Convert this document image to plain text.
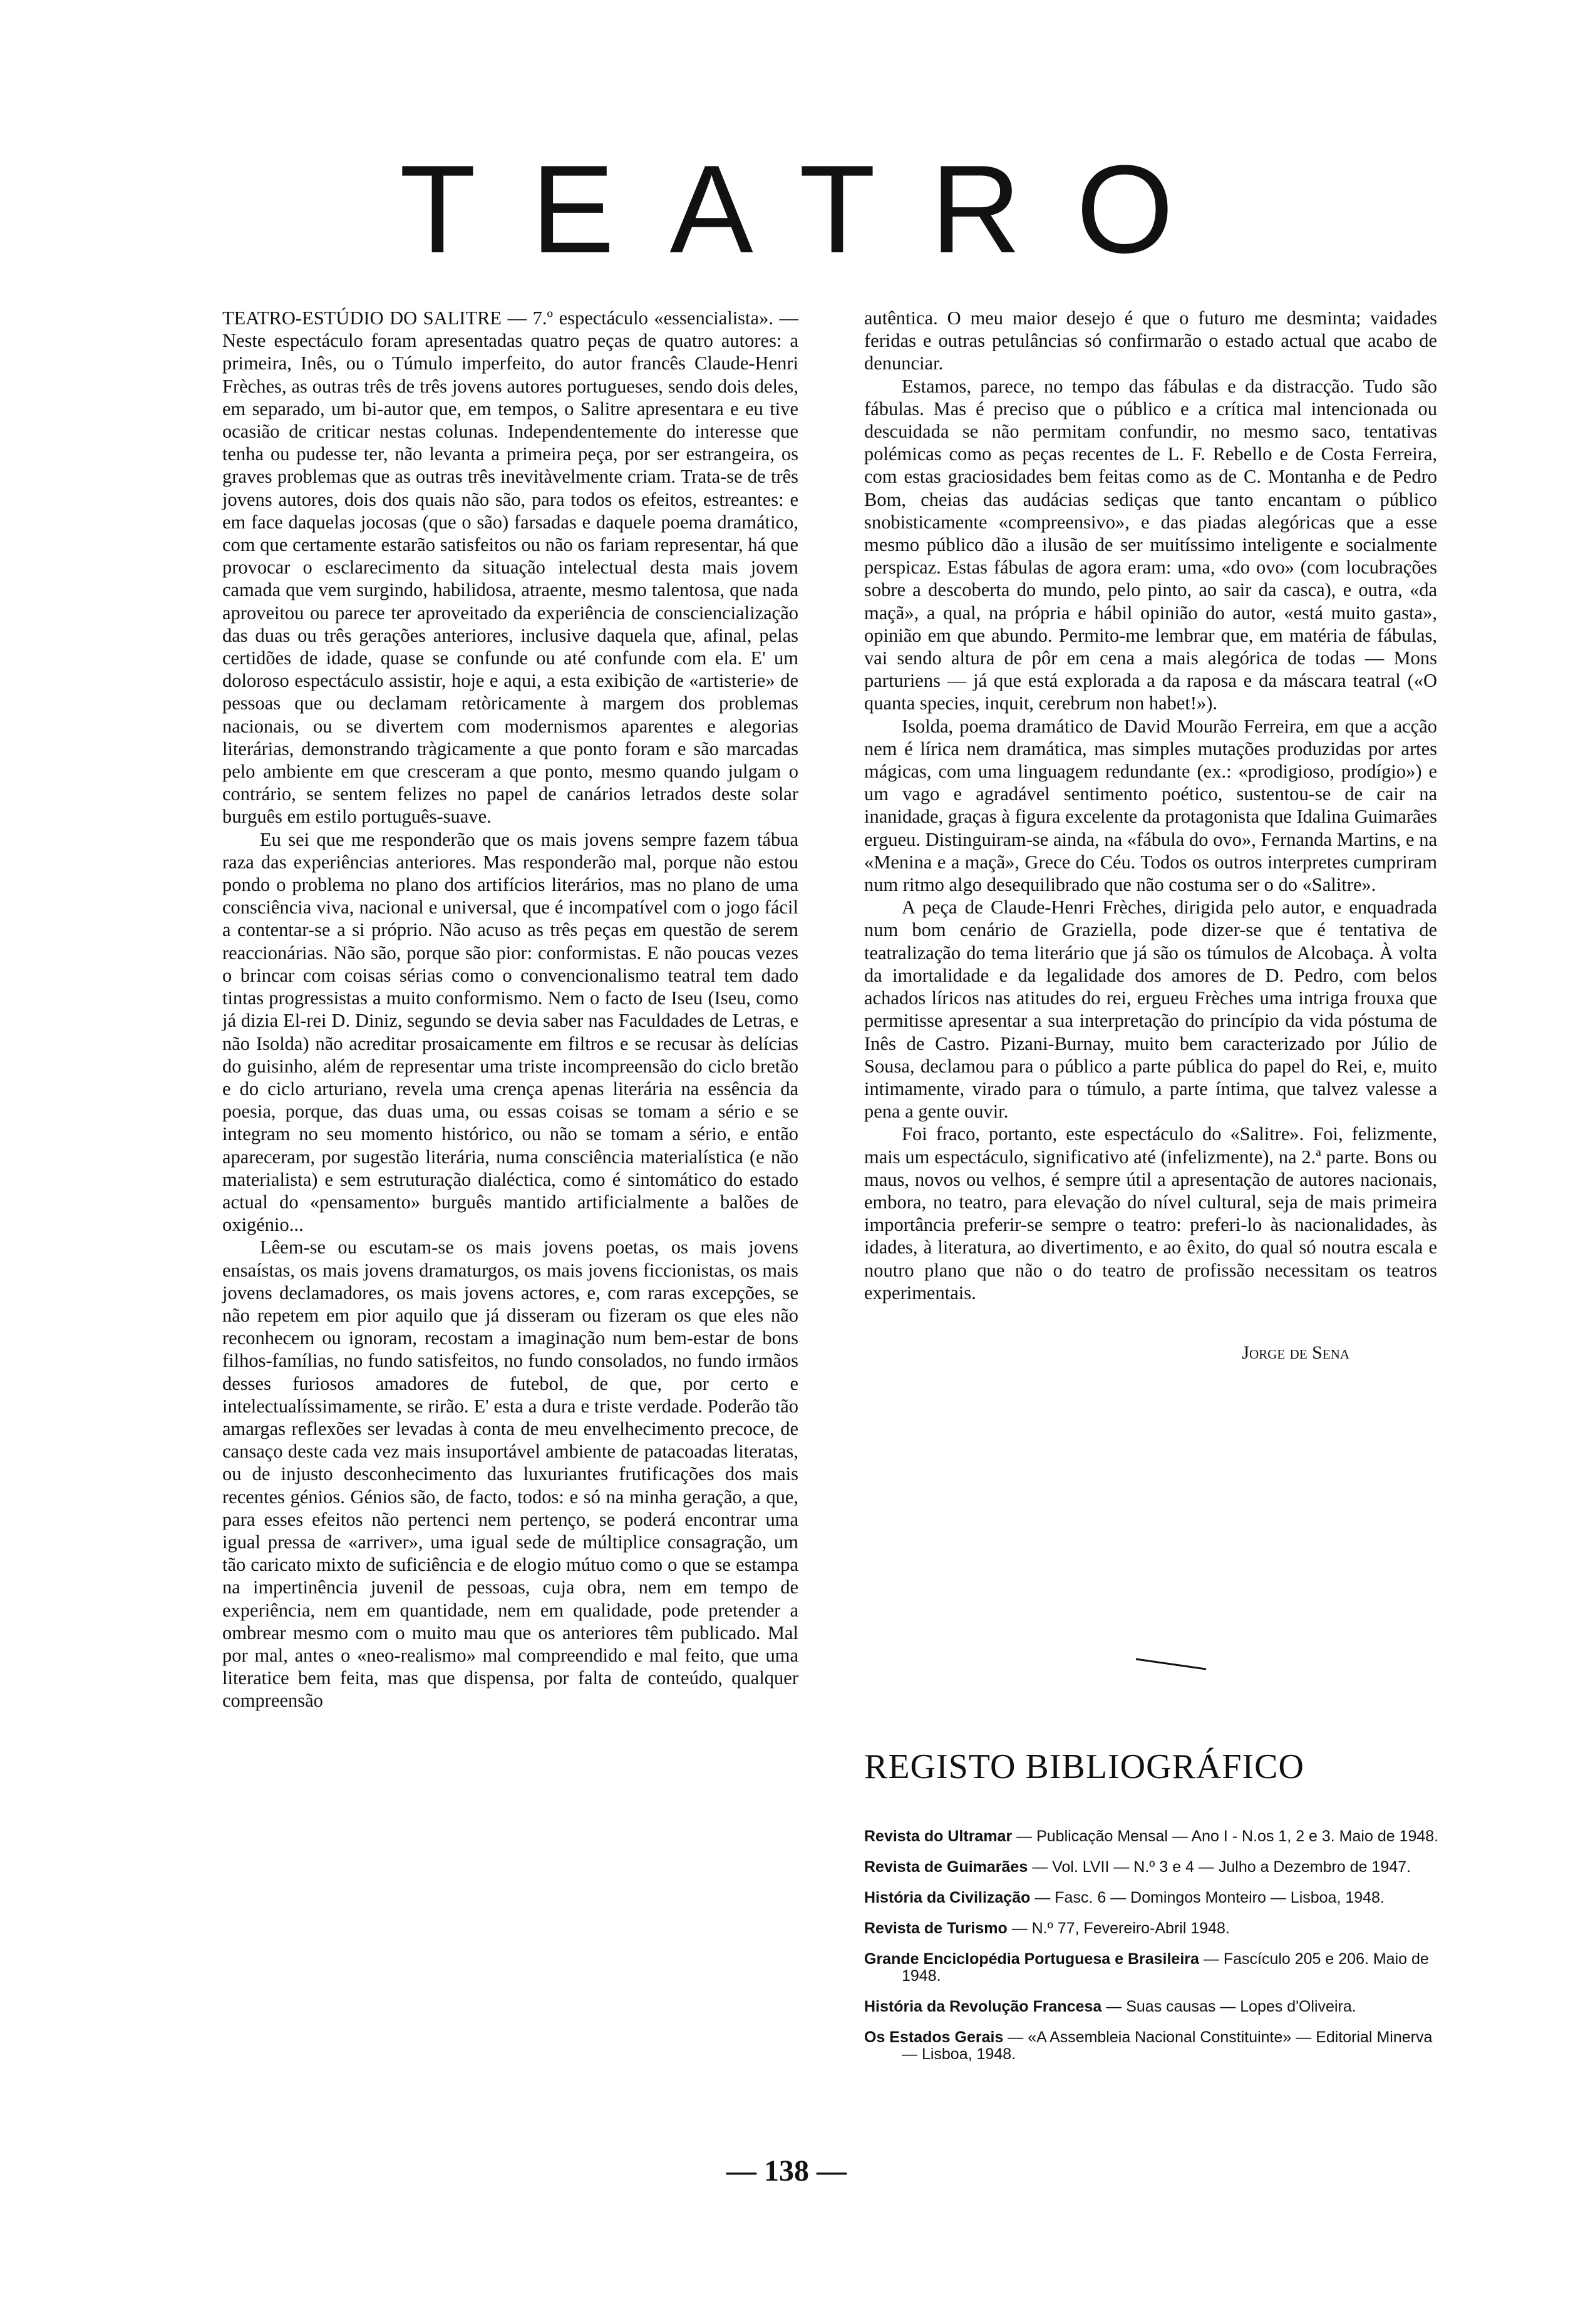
TEATRO

TEATRO-ESTÚDIO DO SALITRE — 7.º espectáculo «essencialista». — Neste espectáculo foram apresentadas quatro peças de quatro autores: a primeira, Inês, ou o Túmulo imperfeito, do autor francês Claude-Henri Frèches, as outras três de três jovens autores portugueses, sendo dois deles, em separado, um bi-autor que, em tempos, o Salitre apresentara e eu tive ocasião de criticar nestas colunas. Independentemente do interesse que tenha ou pudesse ter, não levanta a primeira peça, por ser estrangeira, os graves problemas que as outras três inevitàvelmente criam. Trata-se de três jovens autores, dois dos quais não são, para todos os efeitos, estreantes: e em face daquelas jocosas (que o são) farsadas e daquele poema dramático, com que certamente estarão satisfeitos ou não os fariam representar, há que provocar o esclarecimento da situação intelectual desta mais jovem camada que vem surgindo, habilidosa, atraente, mesmo talentosa, que nada aproveitou ou parece ter aproveitado da experiência de consciencialização das duas ou três gerações anteriores, inclusive daquela que, afinal, pelas certidões de idade, quase se confunde ou até confunde com ela. E' um doloroso espectáculo assistir, hoje e aqui, a esta exibição de «artisterie» de pessoas que ou declamam retòricamente à margem dos problemas nacionais, ou se divertem com modernismos aparentes e alegorias literárias, demonstrando tràgicamente a que ponto foram e são marcadas pelo ambiente em que cresceram a que ponto, mesmo quando julgam o contrário, se sentem felizes no papel de canários letrados deste solar burguês em estilo português-suave.

Eu sei que me responderão que os mais jovens sempre fazem tábua raza das experiências anteriores. Mas responderão mal, porque não estou pondo o problema no plano dos artifícios literários, mas no plano de uma consciência viva, nacional e universal, que é incompatível com o jogo fácil a contentar-se a si próprio. Não acuso as três peças em questão de serem reaccionárias. Não são, porque são pior: conformistas. E não poucas vezes o brincar com coisas sérias como o convencionalismo teatral tem dado tintas progressistas a muito conformismo. Nem o facto de Iseu (Iseu, como já dizia El-rei D. Diniz, segundo se devia saber nas Faculdades de Letras, e não Isolda) não acreditar prosaicamente em filtros e se recusar às delícias do guisinho, além de representar uma triste incompreensão do ciclo bretão e do ciclo arturiano, revela uma crença apenas literária na essência da poesia, porque, das duas uma, ou essas coisas se tomam a sério e se integram no seu momento histórico, ou não se tomam a sério, e então apareceram, por sugestão literária, numa consciência materialística (e não materialista) e sem estruturação dialéctica, como é sintomático do estado actual do «pensamento» burguês mantido artificialmente a balões de oxigénio...

Lêem-se ou escutam-se os mais jovens poetas, os mais jovens ensaístas, os mais jovens dramaturgos, os mais jovens ficcionistas, os mais jovens declamadores, os mais jovens actores, e, com raras excepções, se não repetem em pior aquilo que já disseram ou fizeram os que eles não reconhecem ou ignoram, recostam a imaginação num bem-estar de bons filhos-famílias, no fundo satisfeitos, no fundo consolados, no fundo irmãos desses furiosos amadores de futebol, de que, por certo e intelectualíssimamente, se rirão. E' esta a dura e triste verdade. Poderão tão amargas reflexões ser levadas à conta de meu envelhecimento precoce, de cansaço deste cada vez mais insuportável ambiente de patacoadas literatas, ou de injusto desconhecimento das luxuriantes frutificações dos mais recentes génios. Génios são, de facto, todos: e só na minha geração, a que, para esses efeitos não pertenci nem pertenço, se poderá encontrar uma igual pressa de «arriver», uma igual sede de múltiplice consagração, um tão caricato mixto de suficiência e de elogio mútuo como o que se estampa na impertinência juvenil de pessoas, cuja obra, nem em tempo de experiência, nem em quantidade, nem em qualidade, pode pretender a ombrear mesmo com o muito mau que os anteriores têm publicado. Mal por mal, antes o «neo-realismo» mal compreendido e mal feito, que uma literatice bem feita, mas que dispensa, por falta de conteúdo, qualquer compreensão

autêntica. O meu maior desejo é que o futuro me desminta; vaidades feridas e outras petulâncias só confirmarão o estado actual que acabo de denunciar.

Estamos, parece, no tempo das fábulas e da distracção. Tudo são fábulas. Mas é preciso que o público e a crítica mal intencionada ou descuidada se não permitam confundir, no mesmo saco, tentativas polémicas como as peças recentes de L. F. Rebello e de Costa Ferreira, com estas graciosidades bem feitas como as de C. Montanha e de Pedro Bom, cheias das audácias sediças que tanto encantam o público snobisticamente «compreensivo», e das piadas alegóricas que a esse mesmo público dão a ilusão de ser muitíssimo inteligente e socialmente perspicaz. Estas fábulas de agora eram: uma, «do ovo» (com locubrações sobre a descoberta do mundo, pelo pinto, ao sair da casca), e outra, «da maçã», a qual, na própria e hábil opinião do autor, «está muito gasta», opinião em que abundo. Permito-me lembrar que, em matéria de fábulas, vai sendo altura de pôr em cena a mais alegórica de todas — Mons parturiens — já que está explorada a da raposa e da máscara teatral («O quanta species, inquit, cerebrum non habet!»).

Isolda, poema dramático de David Mourão Ferreira, em que a acção nem é lírica nem dramática, mas simples mutações produzidas por artes mágicas, com uma linguagem redundante (ex.: «prodigioso, prodígio») e um vago e agradável sentimento poético, sustentou-se de cair na inanidade, graças à figura excelente da protagonista que Idalina Guimarães ergueu. Distinguiram-se ainda, na «fábula do ovo», Fernanda Martins, e na «Menina e a maçã», Grece do Céu. Todos os outros interpretes cumpriram num ritmo algo desequilibrado que não costuma ser o do «Salitre».

A peça de Claude-Henri Frèches, dirigida pelo autor, e enquadrada num bom cenário de Graziella, pode dizer-se que é tentativa de teatralização do tema literário que já são os túmulos de Alcobaça. À volta da imortalidade e da legalidade dos amores de D. Pedro, com belos achados líricos nas atitudes do rei, ergueu Frèches uma intriga frouxa que permitisse apresentar a sua interpretação do princípio da vida póstuma de Inês de Castro. Pizani-Burnay, muito bem caracterizado por Júlio de Sousa, declamou para o público a parte pública do papel do Rei, e, muito intimamente, virado para o túmulo, a parte íntima, que talvez valesse a pena a gente ouvir.

Foi fraco, portanto, este espectáculo do «Salitre». Foi, felizmente, mais um espectáculo, significativo até (infelizmente), na 2.ª parte. Bons ou maus, novos ou velhos, é sempre útil a apresentação de autores nacionais, embora, no teatro, para elevação do nível cultural, seja de mais primeira importância preferir-se sempre o teatro: preferi-lo às nacionalidades, às idades, à literatura, ao divertimento, e ao êxito, do qual só noutra escala e noutro plano que não o do teatro de profissão necessitam os teatros experimentais.

Jorge de Sena

REGISTO BIBLIOGRÁFICO
Revista do Ultramar — Publicação Mensal — Ano I - N.os 1, 2 e 3. Maio de 1948.
Revista de Guimarães — Vol. LVII — N.º 3 e 4 — Julho a Dezembro de 1947.
História da Civilização — Fasc. 6 — Domingos Monteiro — Lisboa, 1948.
Revista de Turismo — N.º 77, Fevereiro-Abril 1948.
Grande Enciclopédia Portuguesa e Brasileira — Fascículo 205 e 206. Maio de 1948.
História da Revolução Francesa — Suas causas — Lopes d'Oliveira.
Os Estados Gerais — «A Assembleia Nacional Constituinte» — Editorial Minerva — Lisboa, 1948.
— 138 —
